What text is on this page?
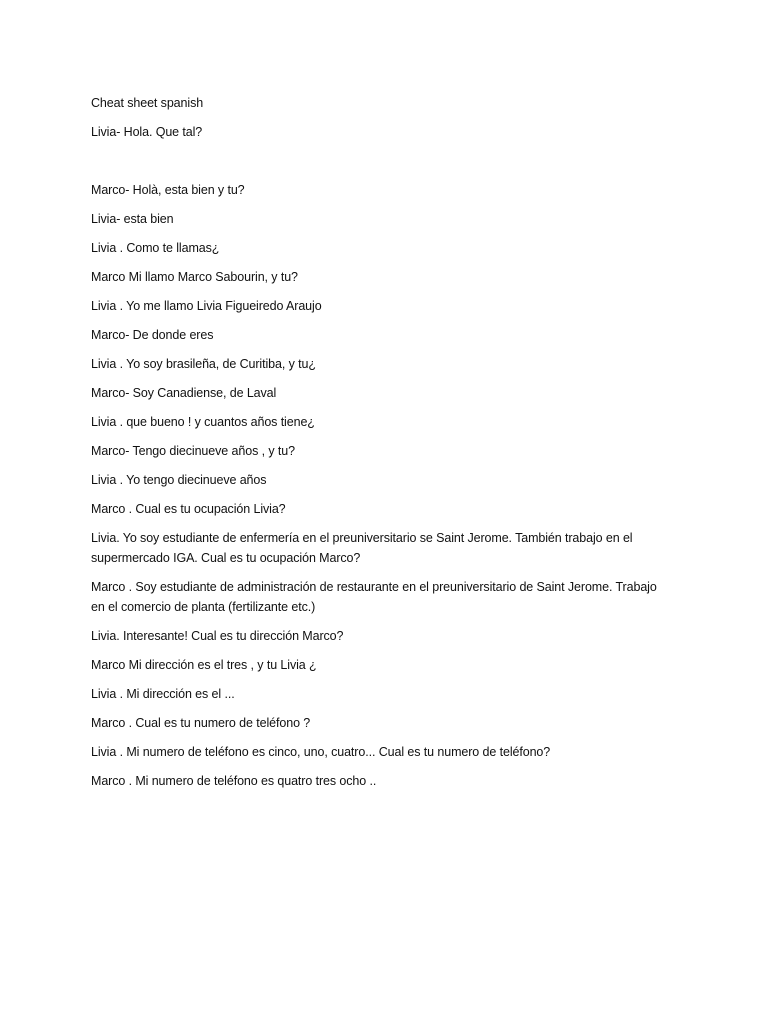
Cheat sheet spanish

Livia- Hola. Que tal?

Marco- Holà, esta bien y tu?

Livia- esta bien

Livia . Como te llamas¿

Marco Mi llamo Marco Sabourin, y tu?

Livia . Yo me llamo Livia Figueiredo Araujo

Marco- De donde eres

Livia . Yo soy brasileña, de Curitiba, y tu¿

Marco- Soy Canadiense, de Laval

Livia . que bueno ! y cuantos años tiene¿

Marco- Tengo diecinueve años , y tu?

Livia . Yo tengo diecinueve años

Marco . Cual es tu ocupación Livia?

Livia. Yo soy estudiante de enfermería en el preuniversitario se Saint Jerome. También trabajo en el supermercado IGA. Cual es tu ocupación Marco?

Marco . Soy estudiante de administración de restaurante en el preuniversitario de Saint Jerome. Trabajo en el comercio de planta (fertilizante etc.)

Livia. Interesante! Cual es tu dirección Marco?

Marco Mi dirección es el tres , y tu Livia ¿

Livia . Mi dirección es el ...

Marco . Cual es tu numero de teléfono ?

Livia . Mi numero de teléfono es cinco, uno, cuatro... Cual es tu numero de teléfono?

Marco . Mi numero de teléfono es quatro tres ocho ..
